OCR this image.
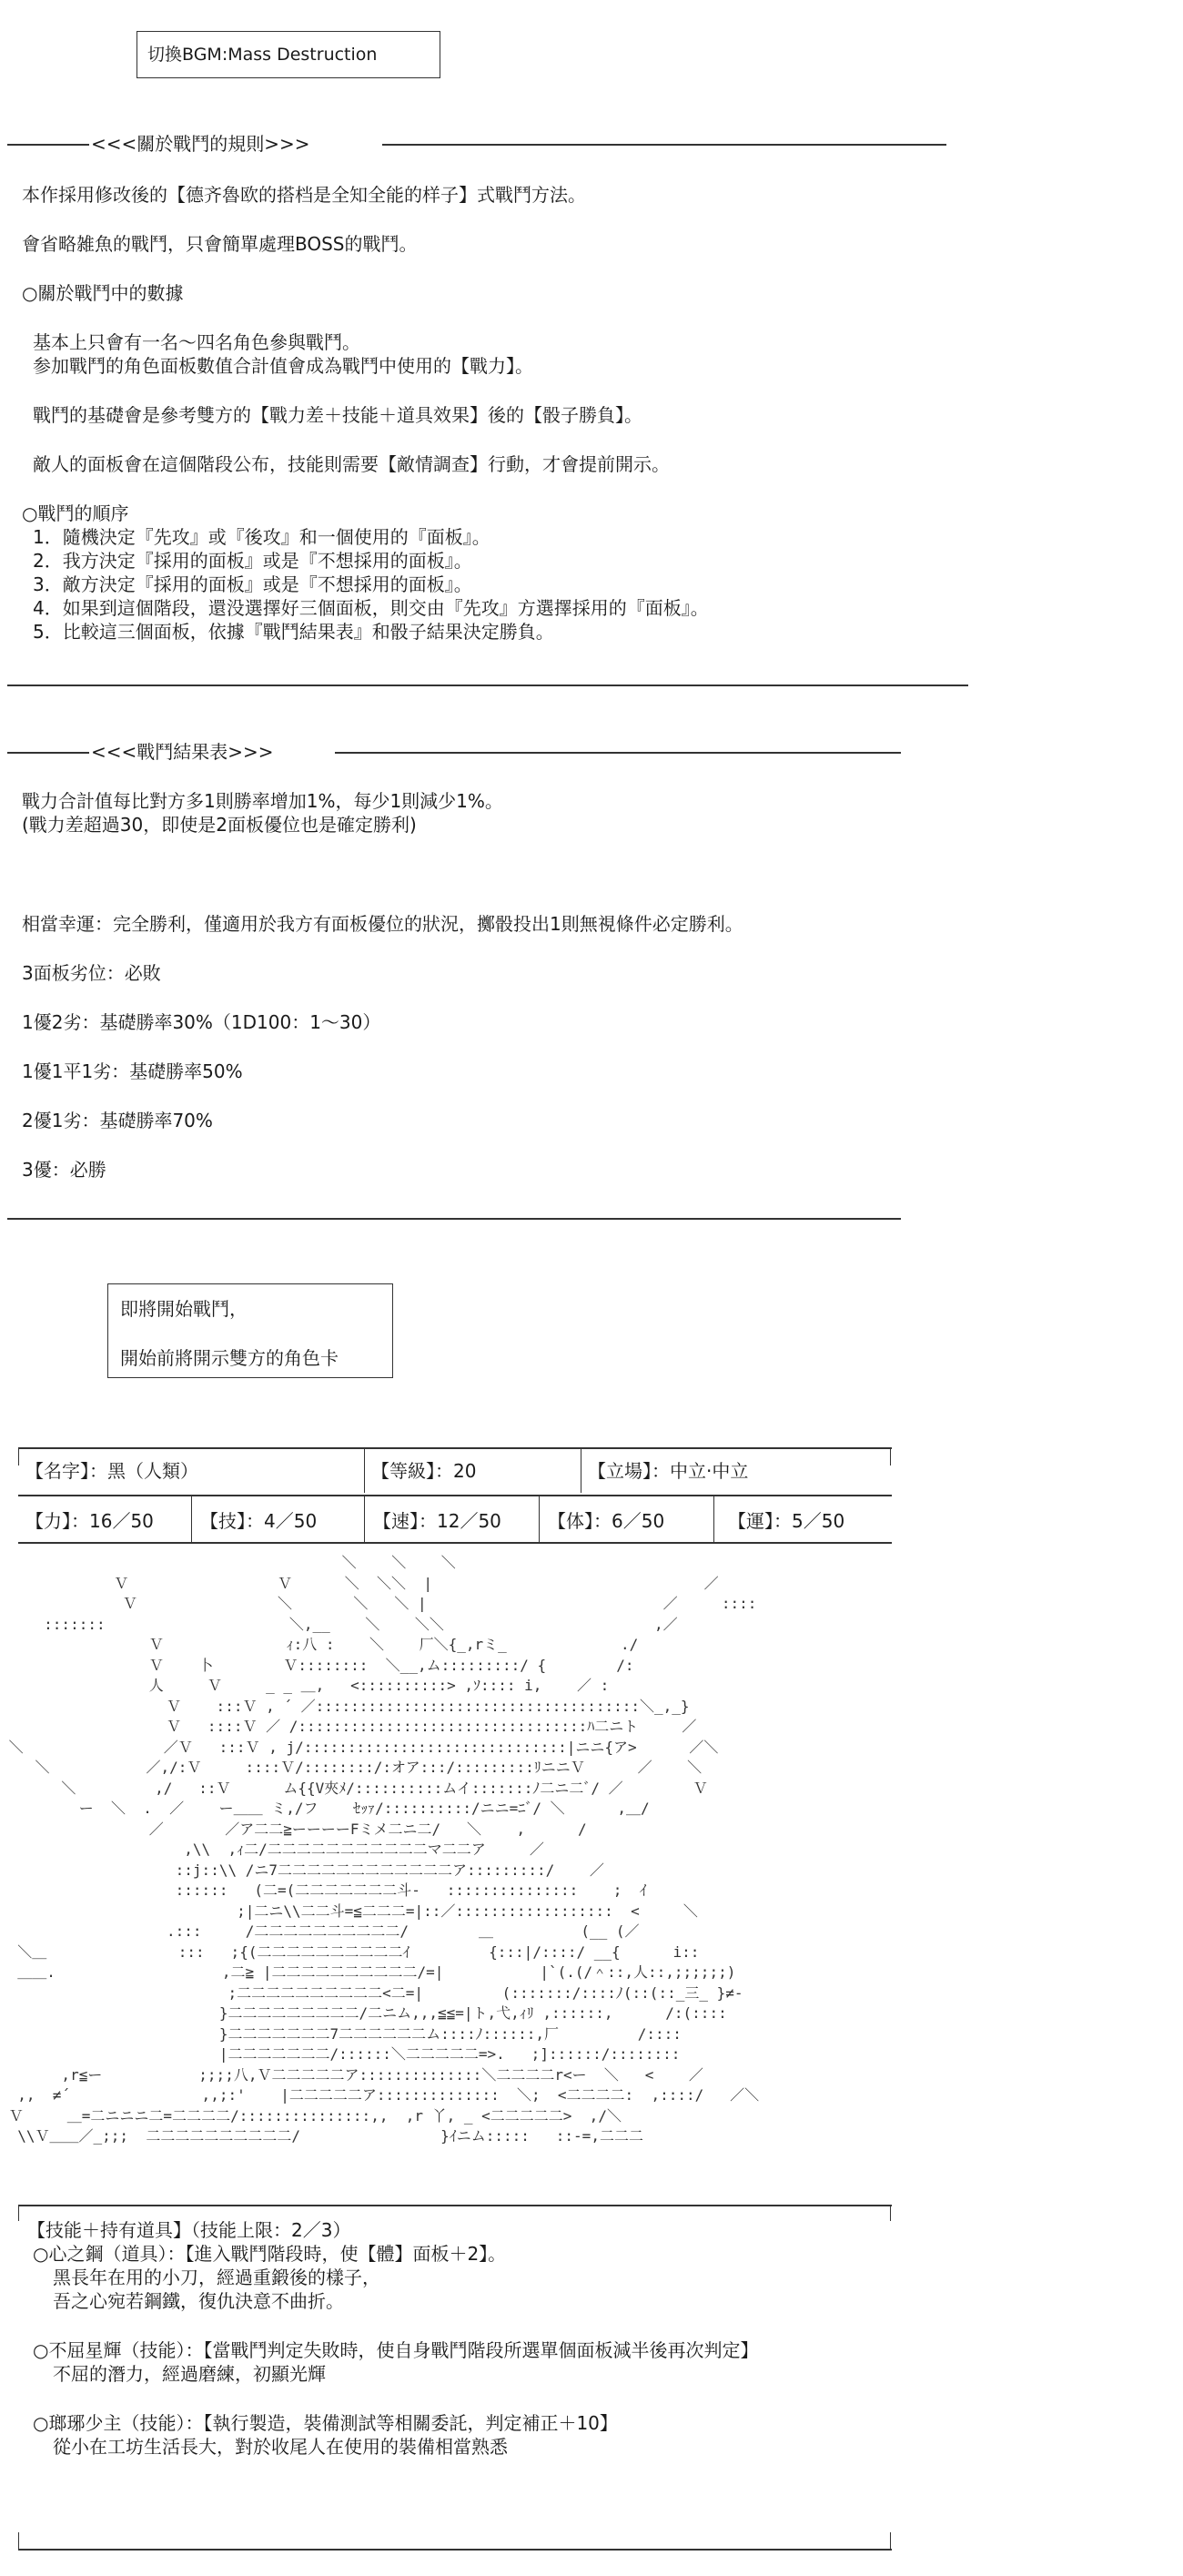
切換BGM:Mass Destruction
<<<關於戰鬥的規則>>>
本作採用修改後的【德齐魯欧的搭档是全知全能的样子】式戰鬥方法。
會省略雑魚的戰鬥，只會簡單處理BOSS的戰鬥。
○關於戰鬥中的數據
基本上只會有一名～四名角色參與戰鬥。
参加戰鬥的角色面板數值合計值會成為戰鬥中使用的【戰力】。
戰鬥的基礎會是參考雙方的【戰力差＋技能＋道具效果】後的【骰子勝負】。
敵人的面板會在這個階段公布，技能則需要【敵情調查】行動，才會提前開示。
○戰鬥的順序
1．隨機決定『先攻』或『後攻』和一個使用的『面板』。
2．我方決定『採用的面板』或是『不想採用的面板』。
3．敵方決定『採用的面板』或是『不想採用的面板』。
4．如果到這個階段，還没選擇好三個面板，則交由『先攻』方選擇採用的『面板』。
5．比較這三個面板，依據『戰鬥結果表』和骰子結果決定勝負。
<<<戰鬥結果表>>>
戰力合計值每比對方多1則勝率增加1%，每少1則減少1%。
(戰力差超過30，即使是2面板優位也是確定勝利)
相當幸運：完全勝利，僅適用於我方有面板優位的狀況，擲骰投出1則無視條件必定勝利。
3面板劣位：必敗
1優2劣：基礎勝率30%（1D100：1～30）
1優1平1劣：基礎勝率50%
2優1劣：基礎勝率70%
3優：必勝
即將開始戰鬥，
開始前將開示雙方的角色卡
【名字】：黑（人類）	【等級】：20	【立場】：中立·中立
【力】：16／50	【技】：4／50	【速】：12／50	【体】：6／50	【運】：5／50
＼    ＼    ＼
Ｖ                 Ｖ      ＼  ＼＼  |                               ／
Ｖ                ＼       ＼   ＼ |                           ／     ::::
:::::::                     ＼,__    ＼    ＼＼                        ,／
Ｖ              ｨ:八 :    ＼    厂＼{_,rミ_             ./
Ｖ    卜        Ｖ::::::::  ＼__,ム:::::::::/ {        /:
人     Ｖ     _ _ ＿,   <::::::::::> ,ｿ:::: i,    ／ :
Ｖ    :::Ｖ , ´ ／:::::::::::::::::::::::::::::::::::::＼_,_}
Ｖ   ::::Ｖ ／ /:::::::::::::::::::::::::::::::::ﾊ二ニト     ／
＼                ／Ｖ   :::Ｖ , j/::::::::::::::::::::::::::::::|ニニ{ア>      ／＼
＼           ／,/:Ｖ     ::::Ｖ/::::::::/:オア:::/:::::::::ﾘニニＶ      ／    ＼
＼         ,/   ::Ｖ      ム{{V夾ﾒ/::::::::::ムイ:::::::ﾉ二ニ二ﾞ/ ／        Ｖ
ー  ＼  .  ／    ー＿＿ ミ,/フ    ｾｯｧ/::::::::::/ニニ=ﾆﾞ/ ＼      ,＿/
／       ／ア二二≧ーーーーFミメ二ニ二/   ＼    ,      /
,\\  ,ｨ二/二二二二二二二二二二二マ二二ア     ／
::j::\\ /ニ7二二二二二二二二二二二二ア:::::::::/    ／
::::::   (二=(二二二二二二二斗-   :::::::::::::::    ;  ｲ
;|二ニ\\二二斗=≦二二二=|::／::::::::::::::::::  <     ＼
.:::     /二二二二二二二二二二/        ＿          (__ (／
＼＿               :::   ;{(二二二二二二二二二二ｲ         {:::|/::::/ __{      i::
＿＿.                   ,二≧ |二二二二二二二二二二/=|           |`(.(/＾::,人::,;;;;;;)
;二二二二二二二二二二<二=|         (:::::::/::::ﾉ(::(::_三_ }≠-
}二二二二二二二二二/二ニム,,,≦≦=|ト,弋,ｨﾘ ,::::::,      /:(::::
}二二二二二二二7二二二二二二ム::::ﾉ::::::,厂         /::::
|二二二二二二二/::::::＼二二二二二=>.   ;]::::::/::::::::
,r≦ー           ;;;;八,Ｖ二二二二二ア::::::::::::::＼二二二二r<ー  ＼   <    ／
,,  ≠´               ,,;:'    |二二二二二ア::::::::::::::  ＼;  <二二二二:  ,::::/   ／＼
Ｖ     ＿=二ニニニ二=二二二二/:::::::::::::::,,  ,r 丫, _ <二二二二二>  ,/＼
\\Ｖ＿＿／_;;;  二二二二二二二二二二/                }ｲニム:::::   ::-=,二二二
【技能＋持有道具】（技能上限：2／3）
○心之鋼（道具）：【進入戰鬥階段時，使【體】面板＋2】。
黑長年在用的小刀，經過重鍛後的樣子，
吾之心宛若鋼鐵，復仇決意不曲折。
○不屈星輝（技能）：【當戰鬥判定失敗時，使自身戰鬥階段所選單個面板減半後再次判定】
不屈的潛力，經過磨練，初顯光輝
○瑯琊少主（技能）：【執行製造，裝備測試等相關委託，判定補正＋10】
從小在工坊生活長大，對於收尾人在使用的裝備相當熟悉
